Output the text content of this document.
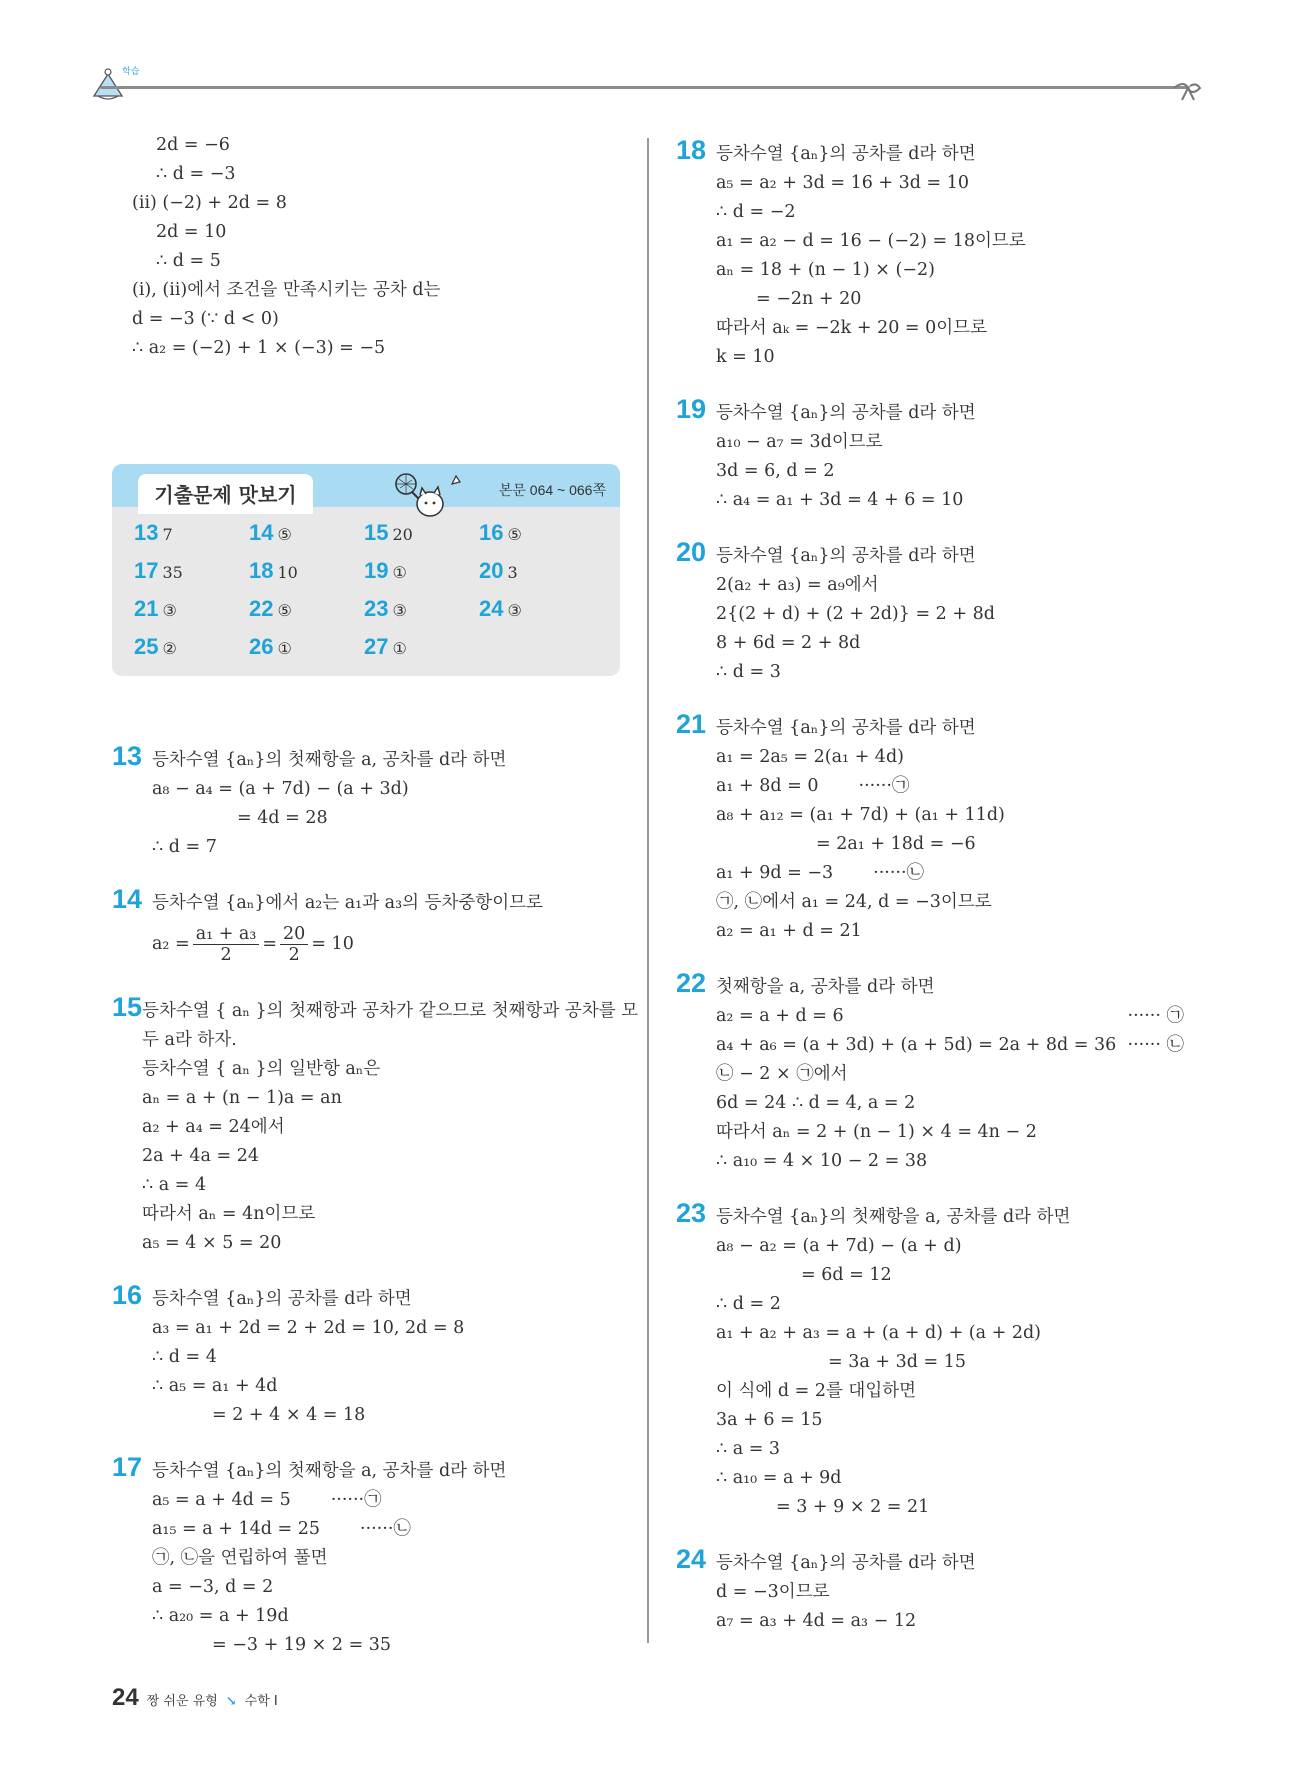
학습
기출문제 맛보기	본문 064 ~ 066쪽
13 7	14 ⑤	15 20	16 ⑤
17 35	18 10	19 ①	20 3
21 ③	22 ⑤	23 ③	24 ③
25 ②	26 ①	27 ①
2d = −6
∴ d = −3
(ⅱ) (−2) + 2d = 8
2d = 10
∴ d = 5
(ⅰ), (ⅱ)에서 조건을 만족시키는 공차 d는
d = −3 (∵ d < 0)
∴ a₂ = (−2) + 1 × (−3) = −5
13 등차수열 {aₙ}의 첫째항을 a, 공차를 d라 하면
a₈ − a₄ = (a + 7d) − (a + 3d)
= 4d = 28
∴ d = 7
14 등차수열 {aₙ}에서 a₂는 a₁과 a₃의 등차중항이므로
$a_2 = \frac{\text{a₁ + a₃}}{2} = \frac{20}{2} = 10$
15 등차수열 { aₙ }의 첫째항과 공차가 같으므로 첫째항과 공차를 모
두 a라 하자.
등차수열 { aₙ }의 일반항 aₙ은
aₙ = a + (n − 1)a = an
a₂ + a₄ = 24에서
2a + 4a = 24
∴ a = 4
따라서 aₙ = 4n이므로
a₅ = 4 × 5 = 20
16 등차수열 {aₙ}의 공차를 d라 하면
a₃ = a₁ + 2d = 2 + 2d = 10, 2d = 8
∴ d = 4
∴ a₅ = a₁ + 4d
= 2 + 4 × 4 = 18
17 등차수열 {aₙ}의 첫째항을 a, 공차를 d라 하면
a₅ = a + 4d = 5 ······㉠
a₁₅ = a + 14d = 25 ······㉡
㉠, ㉡을 연립하여 풀면
a = −3, d = 2
∴ a₂₀ = a + 19d
= −3 + 19 × 2 = 35
18 등차수열 {aₙ}의 공차를 d라 하면
a₅ = a₂ + 3d = 16 + 3d = 10
∴ d = −2
a₁ = a₂ − d = 16 − (−2) = 18이므로
aₙ = 18 + (n − 1) × (−2)
= −2n + 20
따라서 aₖ = −2k + 20 = 0이므로
k = 10
19 등차수열 {aₙ}의 공차를 d라 하면
a₁₀ − a₇ = 3d이므로
3d = 6, d = 2
∴ a₄ = a₁ + 3d = 4 + 6 = 10
20 등차수열 {aₙ}의 공차를 d라 하면
2(a₂ + a₃) = a₉에서
2{(2 + d) + (2 + 2d)} = 2 + 8d
8 + 6d = 2 + 8d
∴ d = 3
21 등차수열 {aₙ}의 공차를 d라 하면
a₁ = 2a₅ = 2(a₁ + 4d)
a₁ + 8d = 0 ······㉠
a₈ + a₁₂ = (a₁ + 7d) + (a₁ + 11d)
= 2a₁ + 18d = −6
a₁ + 9d = −3 ······㉡
㉠, ㉡에서 a₁ = 24, d = −3이므로
a₂ = a₁ + d = 21
22 첫째항을 a, 공차를 d라 하면
a₂ = a + d = 6	······ ㉠
a₄ + a₆ = (a + 3d) + (a + 5d) = 2a + 8d = 36 ······ ㉡
㉡ − 2 × ㉠에서
6d = 24 ∴ d = 4, a = 2
따라서 aₙ = 2 + (n − 1) × 4 = 4n − 2
∴ a₁₀ = 4 × 10 − 2 = 38
23 등차수열 {aₙ}의 첫째항을 a, 공차를 d라 하면
a₈ − a₂ = (a + 7d) − (a + d)
= 6d = 12
∴ d = 2
a₁ + a₂ + a₃ = a + (a + d) + (a + 2d)
= 3a + 3d = 15
이 식에 d = 2를 대입하면
3a + 6 = 15
∴ a = 3
∴ a₁₀ = a + 9d
= 3 + 9 × 2 = 21
24 등차수열 {aₙ}의 공차를 d라 하면
d = −3이므로
a₇ = a₃ + 4d = a₃ − 12
24 짱 쉬운 유형 ↘ 수학 Ⅰ
